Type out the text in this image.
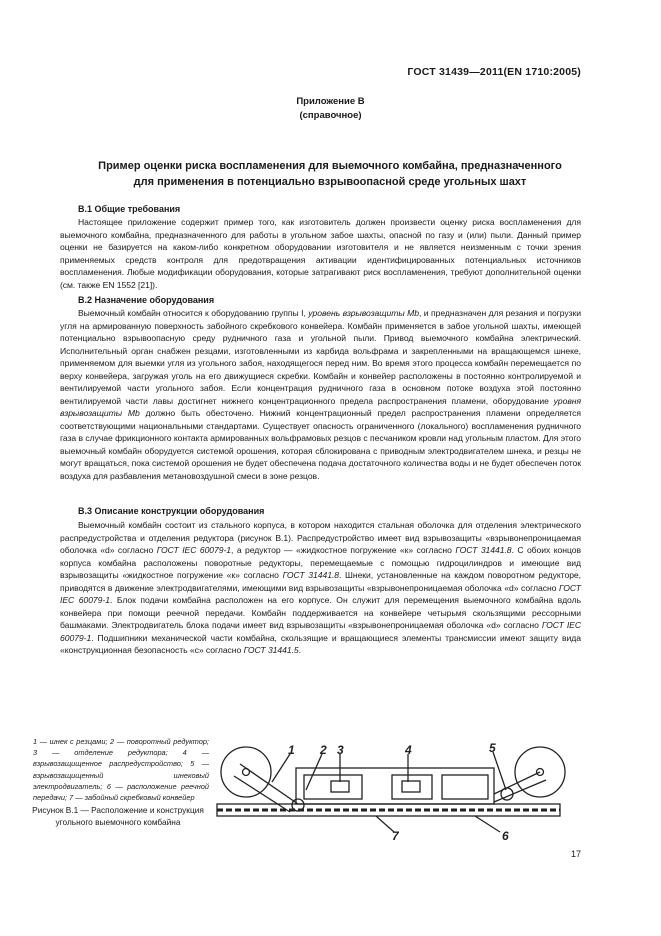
ГОСТ 31439—2011(EN 1710:2005)
Приложение В
(справочное)
Пример оценки риска воспламенения для выемочного комбайна, предназначенного
для применения в потенциально взрывоопасной среде угольных шахт
В.1 Общие требования
Настоящее приложение содержит пример того, как изготовитель должен произвести оценку риска воспламенения для выемочного комбайна, предназначенного для работы в угольном забое шахты, опасной по газу и (или) пыли. Данный пример оценки не базируется на каком-либо конкретном оборудовании изготовителя и не является неизменным с точки зрения применяемых средств контроля для предотвращения активации идентифицированных потенциальных источников воспламенения. Любые модификации оборудования, которые затрагивают риск воспламенения, требуют дополнительной оценки (см. также EN 1552 [21]).
В.2 Назначение оборудования
Выемочный комбайн относится к оборудованию группы I, уровень взрывозащиты Mb, и предназначен для резания и погрузки угля на армированную поверхность забойного скребкового конвейера. Комбайн применяется в забое угольной шахты, имеющей потенциально взрывоопасную среду рудничного газа и угольной пыли. Привод выемочного комбайна электрический. Исполнительный орган снабжен резцами, изготовленными из карбида вольфрама и закрепленными на вращающемся шнеке, применяемом для выемки угля из угольного забоя, находящегося перед ним. Во время этого процесса комбайн перемещается по верху конвейера, загружая уголь на его движущиеся скребки. Комбайн и конвейер расположены в постоянно контролируемой и вентилируемой части угольного забоя. Если концентрация рудничного газа в основном потоке воздуха этой постоянно вентилируемой части лавы достигнет нижнего концентрационного предела распространения пламени, оборудование уровня взрывозащиты Mb должно быть обесточено. Нижний концентрационный предел распространения пламени определяется соответствующими национальными стандартами. Существует опасность ограниченного (локального) воспламенения рудничного газа в случае фрикционного контакта армированных вольфрамовых резцов с песчаником кровли над угольным пластом. Для этого выемочный комбайн оборудуется системой орошения, которая сблокирована с приводным электродвигателем шнека, и резцы не могут вращаться, пока системой орошения не будет обеспечена подача достаточного количества воды и не будет обеспечен поток воздуха для разбавления метановоздушной смеси в зоне резцов.
В.3 Описание конструкции оборудования
Выемочный комбайн состоит из стального корпуса, в котором находится стальная оболочка для отделения электрического распредустройства и отделения редуктора (рисунок В.1). Распредустройство имеет вид взрывозащиты «взрывонепроницаемая оболочка «d» согласно ГОСТ IEC 60079-1, а редуктор — «жидкостное погружение «к» согласно ГОСТ 31441.8. С обоих концов корпуса комбайна расположены поворотные редукторы, перемещаемые с помощью гидроцилиндров и имеющие вид взрывозащиты «жидкостное погружение «к» согласно ГОСТ 31441.8. Шнеки, установленные на каждом поворотном редукторе, приводятся в движение электродвигателями, имеющими вид взрывозащиты «взрывонепроницаемая оболочка «d» согласно ГОСТ IEC 60079-1. Блок подачи комбайна расположен на его корпусе. Он служит для перемещения выемочного комбайна вдоль конвейера при помощи реечной передачи. Комбайн поддерживается на конвейере четырьмя скользящими рессорными башмаками. Электродвигатель блока подачи имеет вид взрывозащиты «взрывонепроницаемая оболочка «d» согласно ГОСТ IEC 60079-1. Подшипники механической части комбайна, скользящие и вращающиеся элементы трансмиссии имеют защиту вида «конструкционная безопасность «с» согласно ГОСТ 31441.5.
1 — шнек с резцами; 2 — поворотный редуктор; 3 — отделение редуктора; 4 — взрывозащищенное распредустройство; 5 — взрывозащищенный шнековый электродвигатель; 6 — расположение реечной передачи; 7 — забойный скребковый конвейер
Рисунок В.1 — Расположение и конструкция угольного выемочного комбайна
1 2 3	4	5
6
7
17
